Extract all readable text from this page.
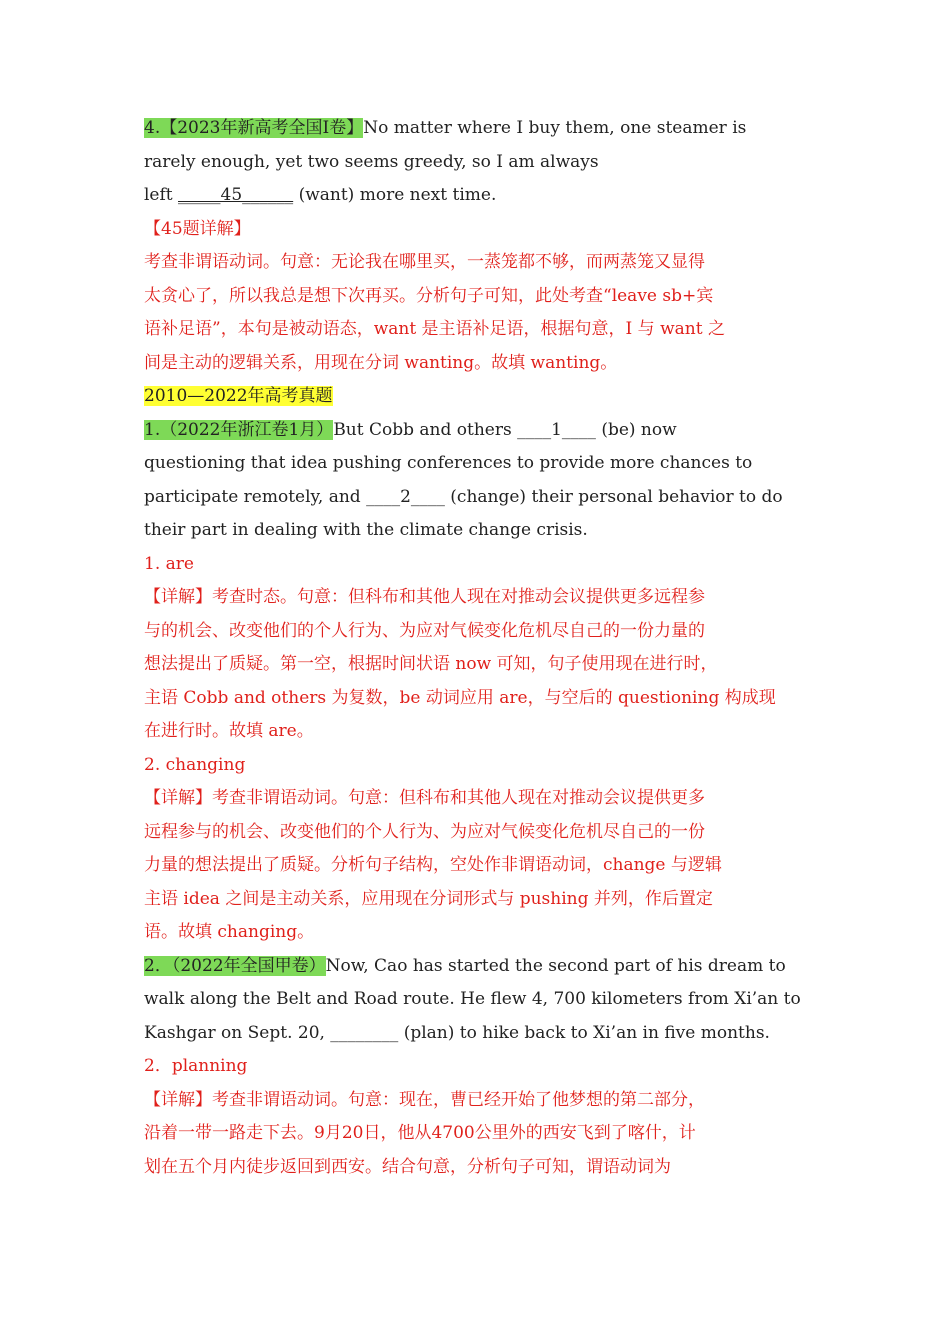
4.【2023年新高考全国Ⅰ卷】No matter where I buy them, one steamer is
rarely enough, yet two seems greedy, so I am always
left _____45______ (want) more next time.
【45题详解】
考查非谓语动词。句意：无论我在哪里买，一蒸笼都不够，而两蒸笼又显得
太贪心了，所以我总是想下次再买。分析句子可知，此处考查“leave sb+宾
语补足语”，本句是被动语态，want 是主语补足语，根据句意，I 与 want 之
间是主动的逻辑关系，用现在分词 wanting。故填 wanting。
2010—2022年高考真题
1.（2022年浙江卷1月）But Cobb and others ____1____ (be) now
questioning that idea pushing conferences to provide more chances to
participate remotely, and ____2____ (change) their personal behavior to do
their part in dealing with the climate change crisis.
1. are
【详解】考查时态。句意：但科布和其他人现在对推动会议提供更多远程参
与的机会、改变他们的个人行为、为应对气候变化危机尽自己的一份力量的
想法提出了质疑。第一空，根据时间状语 now 可知，句子使用现在进行时，
主语 Cobb and others 为复数，be 动词应用 are，与空后的 questioning 构成现
在进行时。故填 are。
2. changing
【详解】考查非谓语动词。句意：但科布和其他人现在对推动会议提供更多
远程参与的机会、改变他们的个人行为、为应对气候变化危机尽自己的一份
力量的想法提出了质疑。分析句子结构，空处作非谓语动词，change 与逻辑
主语 idea 之间是主动关系，应用现在分词形式与 pushing 并列，作后置定
语。故填 changing。
2．（2022年全国甲卷）Now, Cao has started the second part of his dream to
walk along the Belt and Road route. He flew 4, 700 kilometers from Xi’an to
Kashgar on Sept. 20, ________ (plan) to hike back to Xi’an in five months.
2．planning
【详解】考查非谓语动词。句意：现在，曹已经开始了他梦想的第二部分，
沿着一带一路走下去。9月20日，他从4700公里外的西安飞到了喀什，计
划在五个月内徒步返回到西安。结合句意，分析句子可知，谓语动词为
